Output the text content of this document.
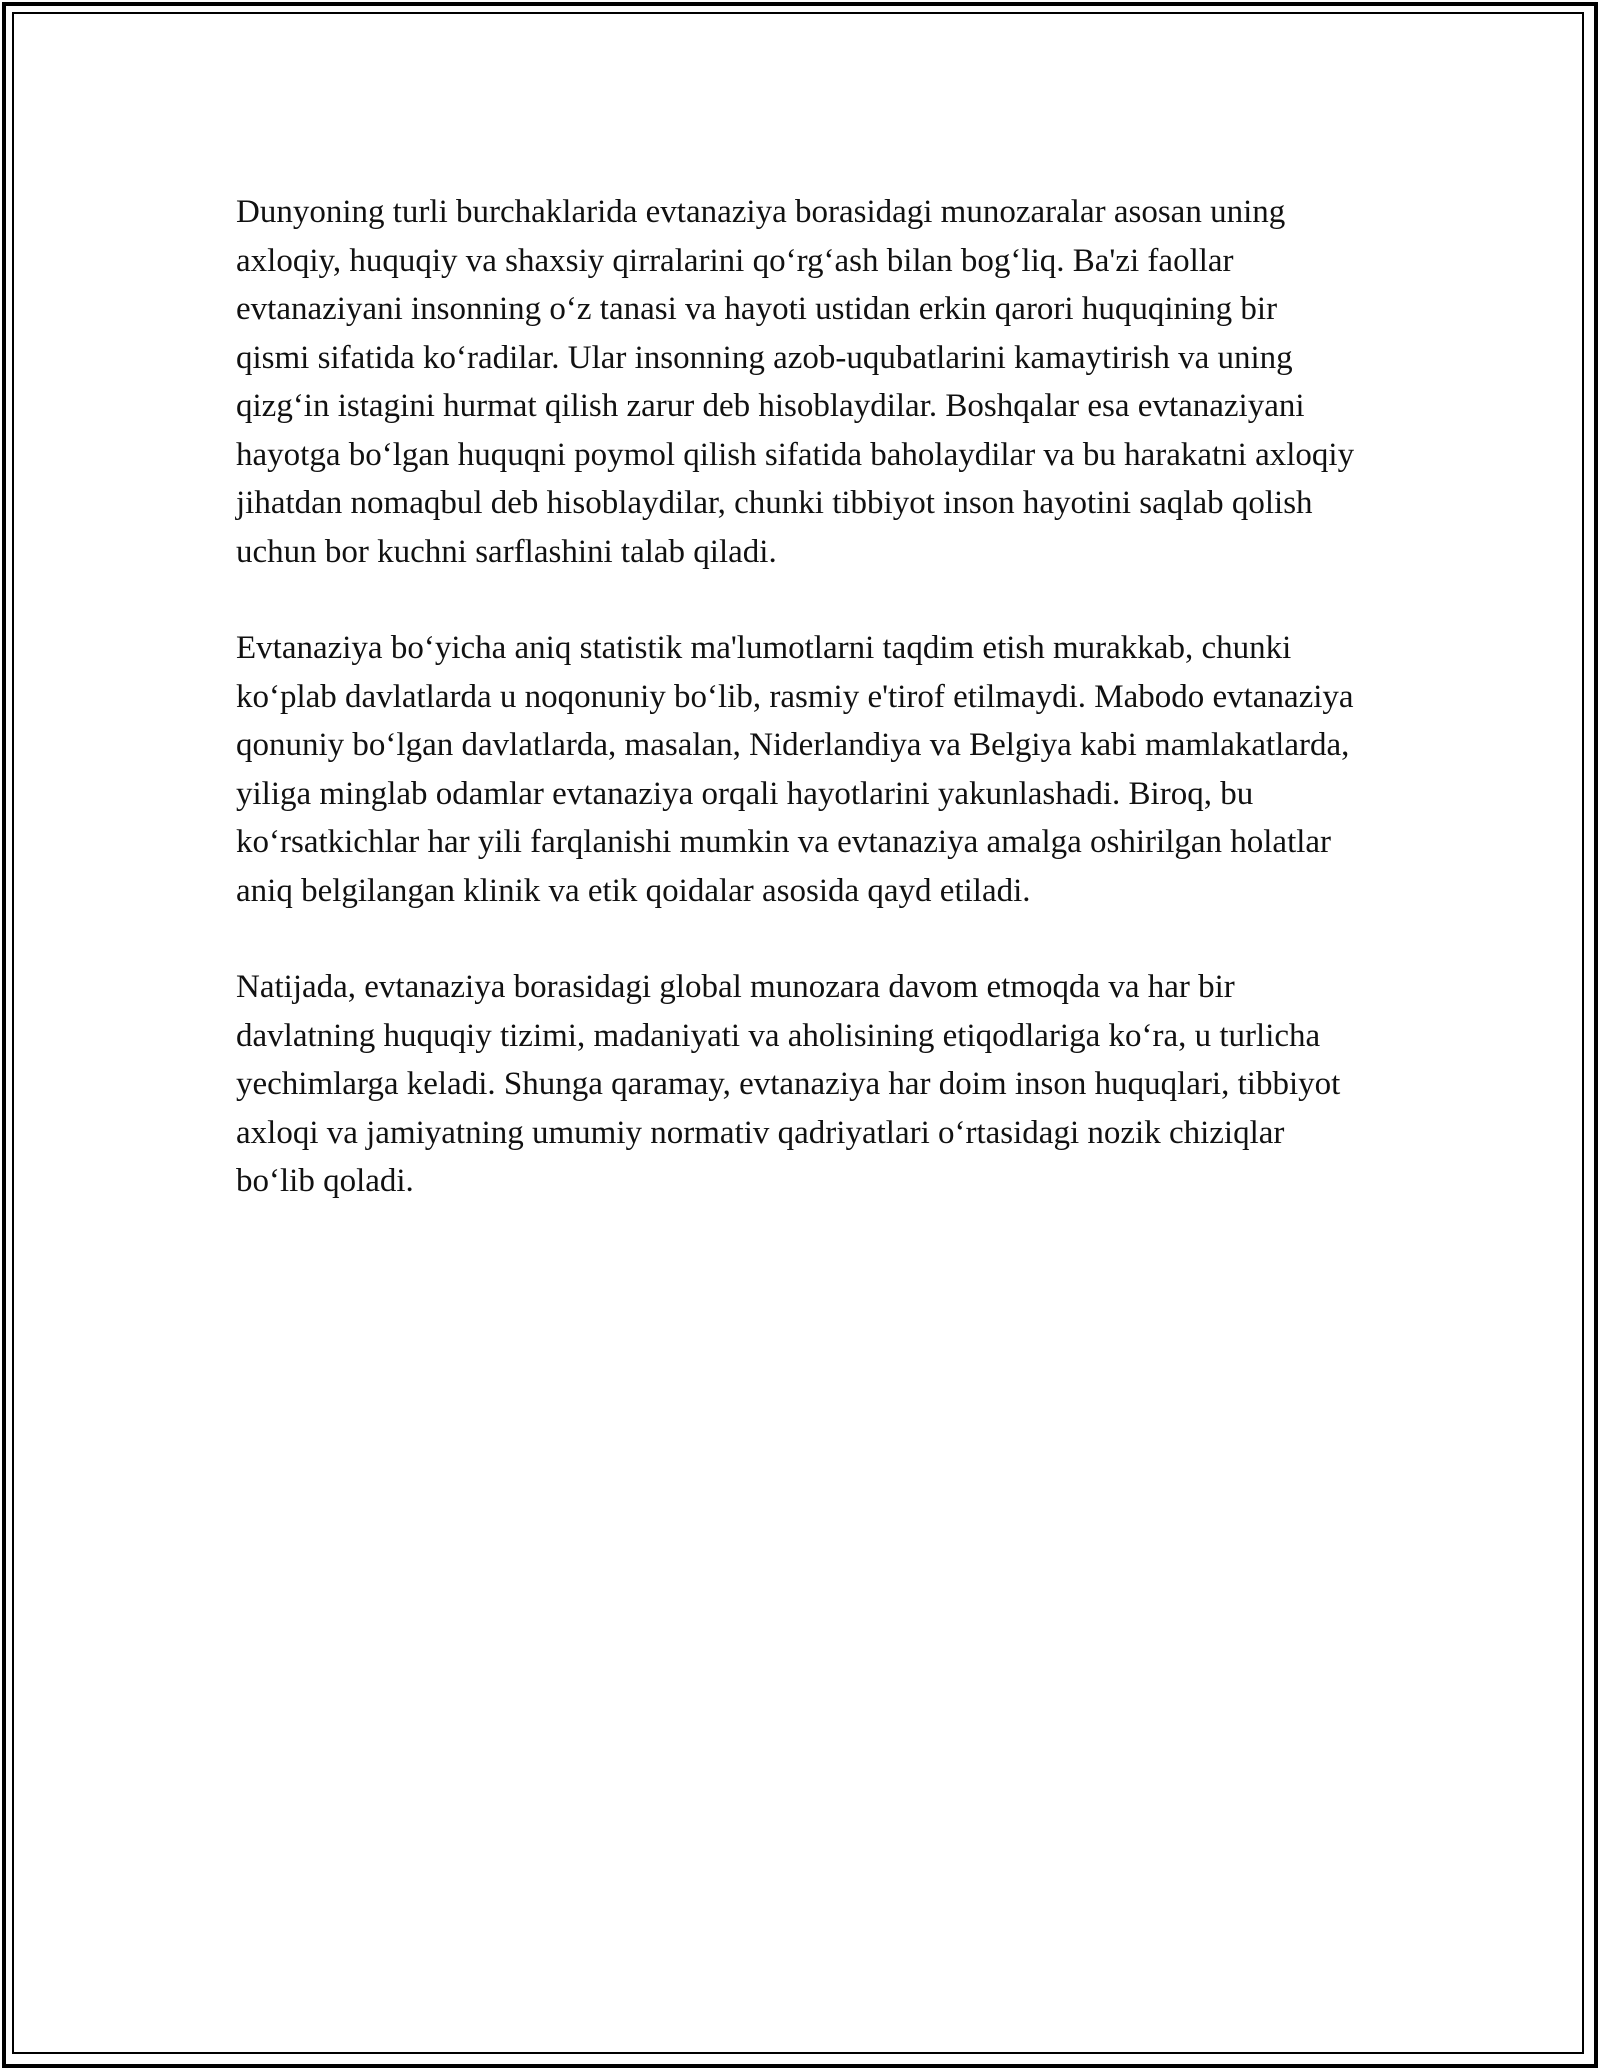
Dunyoning turli burchaklarida evtanaziya borasidagi munozaralar asosan uning axloqiy, huquqiy va shaxsiy qirralarini qoʻrgʻash bilan bogʻliq. Ba'zi faollar evtanaziyani insonning oʻz tanasi va hayoti ustidan erkin qarori huquqining bir qismi sifatida koʻradilar. Ular insonning azob-uqubatlarini kamaytirish va uning qizgʻin istagini hurmat qilish zarur deb hisoblaydilar. Boshqalar esa evtanaziyani hayotga boʻlgan huquqni poymol qilish sifatida baholaydilar va bu harakatni axloqiy jihatdan nomaqbul deb hisoblaydilar, chunki tibbiyot inson hayotini saqlab qolish uchun bor kuchni sarflashini talab qiladi.

Evtanaziya boʻyicha aniq statistik ma'lumotlarni taqdim etish murakkab, chunki koʻplab davlatlarda u noqonuniy boʻlib, rasmiy e'tirof etilmaydi. Mabodo evtanaziya qonuniy boʻlgan davlatlarda, masalan, Niderlandiya va Belgiya kabi mamlakatlarda, yiliga minglab odamlar evtanaziya orqali hayotlarini yakunlashadi. Biroq, bu koʻrsatkichlar har yili farqlanishi mumkin va evtanaziya amalga oshirilgan holatlar aniq belgilangan klinik va etik qoidalar asosida qayd etiladi.

Natijada, evtanaziya borasidagi global munozara davom etmoqda va har bir davlatning huquqiy tizimi, madaniyati va aholisining etiqodlariga koʻra, u turlicha yechimlarga keladi. Shunga qaramay, evtanaziya har doim inson huquqlari, tibbiyot axloqi va jamiyatning umumiy normativ qadriyatlari oʻrtasidagi nozik chiziqlar boʻlib qoladi.
